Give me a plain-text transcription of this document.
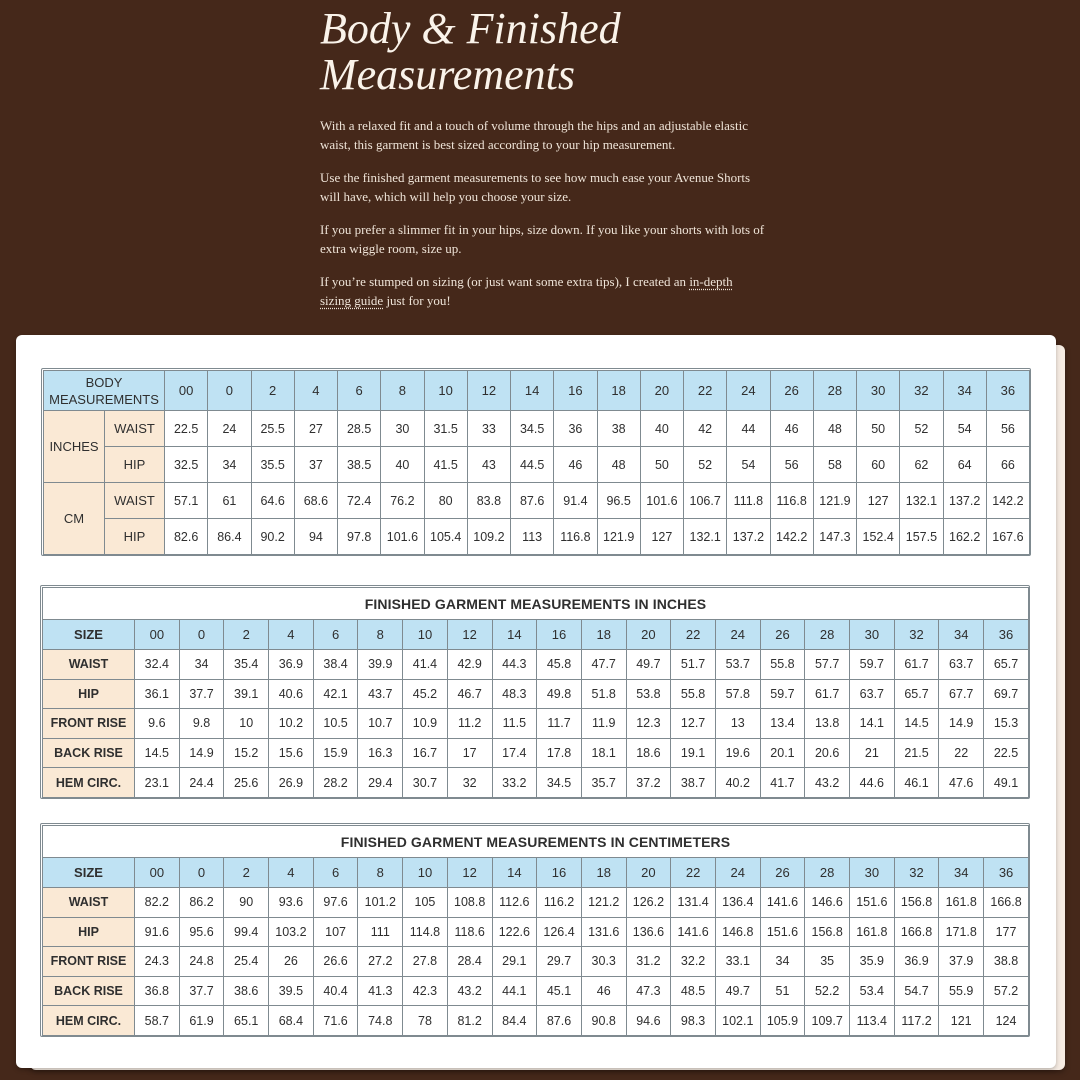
Body & Finished
Measurements

With a relaxed fit and a touch of volume through the hips and an adjustable elastic waist, this garment is best sized according to your hip measurement.

Use the finished garment measurements to see how much ease your Avenue Shorts will have, which will help you choose your size.

If you prefer a slimmer fit in your hips, size down. If you like your shorts with lots of extra wiggle room, size up.

If you’re stumped on sizing (or just want some extra tips), I created an in-depth sizing guide just for you!

BODY MEASUREMENTS		00	0	2	4	6	8	10	12	14	16	18	20	22	24	26	28	30	32	34	36
INCHES	WAIST	22.5	24	25.5	27	28.5	30	31.5	33	34.5	36	38	40	42	44	46	48	50	52	54	56
	HIP	32.5	34	35.5	37	38.5	40	41.5	43	44.5	46	48	50	52	54	56	58	60	62	64	66
CM	WAIST	57.1	61	64.6	68.6	72.4	76.2	80	83.8	87.6	91.4	96.5	101.6	106.7	111.8	116.8	121.9	127	132.1	137.2	142.2
	HIP	82.6	86.4	90.2	94	97.8	101.6	105.4	109.2	113	116.8	121.9	127	132.1	137.2	142.2	147.3	152.4	157.5	162.2	167.6
FINISHED GARMENT MEASUREMENTS IN INCHES																				
SIZE	00	0	2	4	6	8	10	12	14	16	18	20	22	24	26	28	30	32	34	36
WAIST	32.4	34	35.4	36.9	38.4	39.9	41.4	42.9	44.3	45.8	47.7	49.7	51.7	53.7	55.8	57.7	59.7	61.7	63.7	65.7
HIP	36.1	37.7	39.1	40.6	42.1	43.7	45.2	46.7	48.3	49.8	51.8	53.8	55.8	57.8	59.7	61.7	63.7	65.7	67.7	69.7
FRONT RISE	9.6	9.8	10	10.2	10.5	10.7	10.9	11.2	11.5	11.7	11.9	12.3	12.7	13	13.4	13.8	14.1	14.5	14.9	15.3
BACK RISE	14.5	14.9	15.2	15.6	15.9	16.3	16.7	17	17.4	17.8	18.1	18.6	19.1	19.6	20.1	20.6	21	21.5	22	22.5
HEM CIRC.	23.1	24.4	25.6	26.9	28.2	29.4	30.7	32	33.2	34.5	35.7	37.2	38.7	40.2	41.7	43.2	44.6	46.1	47.6	49.1
FINISHED GARMENT MEASUREMENTS IN CENTIMETERS																				
SIZE	00	0	2	4	6	8	10	12	14	16	18	20	22	24	26	28	30	32	34	36
WAIST	82.2	86.2	90	93.6	97.6	101.2	105	108.8	112.6	116.2	121.2	126.2	131.4	136.4	141.6	146.6	151.6	156.8	161.8	166.8
HIP	91.6	95.6	99.4	103.2	107	111	114.8	118.6	122.6	126.4	131.6	136.6	141.6	146.8	151.6	156.8	161.8	166.8	171.8	177
FRONT RISE	24.3	24.8	25.4	26	26.6	27.2	27.8	28.4	29.1	29.7	30.3	31.2	32.2	33.1	34	35	35.9	36.9	37.9	38.8
BACK RISE	36.8	37.7	38.6	39.5	40.4	41.3	42.3	43.2	44.1	45.1	46	47.3	48.5	49.7	51	52.2	53.4	54.7	55.9	57.2
HEM CIRC.	58.7	61.9	65.1	68.4	71.6	74.8	78	81.2	84.4	87.6	90.8	94.6	98.3	102.1	105.9	109.7	113.4	117.2	121	124
